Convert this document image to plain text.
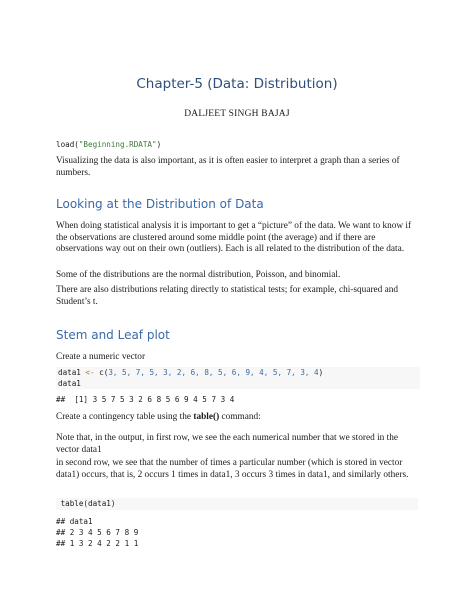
Chapter-5 (Data: Distribution)
DALJEET SINGH BAJAJ
load("Beginning.RDATA")
Visualizing the data is also important, as it is often easier to interpret a graph than a series of numbers.
Looking at the Distribution of Data
When doing statistical analysis it is important to get a “picture” of the data. We want to know if the observations are clustered around some middle point (the average) and if there are observations way out on their own (outliers). Each is all related to the distribution of the data.
Some of the distributions are the normal distribution, Poisson, and binomial.
There are also distributions relating directly to statistical tests; for example, chi-squared and Student’s t.
Stem and Leaf plot
Create a numeric vector
data1 <- c(3, 5, 7, 5, 3, 2, 6, 8, 5, 6, 9, 4, 5, 7, 3, 4)
data1
##  [1] 3 5 7 5 3 2 6 8 5 6 9 4 5 7 3 4
Create a contingency table using the table() command:
Note that, in the output, in first row, we see the each numerical number that we stored in the vector data1
in second row, we see that the number of times a particular number (which is stored in vector data1) occurs, that is, 2 occurs 1 times in data1, 3 occurs 3 times in data1, and similarly others.
table(data1)
## data1
## 2 3 4 5 6 7 8 9
## 1 3 2 4 2 2 1 1
